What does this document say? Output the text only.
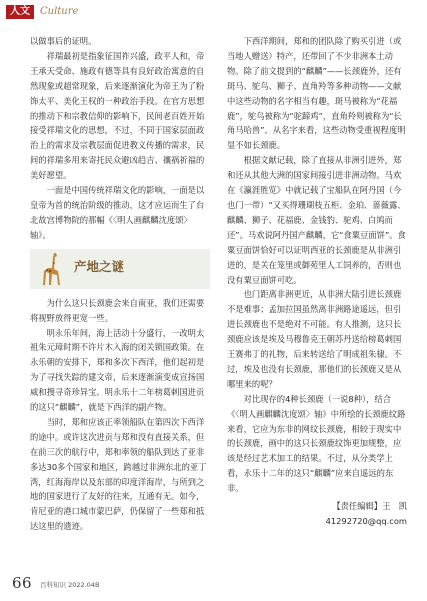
人文	Culture

以做事后的证明。

祥瑞最初是指象征国祚兴盛，政平人和，帝王承天受命、施政有德等具有良好政治寓意的自然现象或超常现象，后来逐渐演化为帝王为了粉饰太平、美化王权的一种政治手段。在官方思想的推动下和宗教信仰的影响下，民间老百姓开始接受祥瑞文化的思想，不过，不同于国家层面政治上的需求及宗教层面促进教义传播的需求，民间的祥瑞多用来寄托民众避凶趋吉、禳祸祈福的美好愿望。

一面是中国传统祥瑞文化的影响，一面是以皇帝为首的统治阶级的推动，这才应运而生了台北故宫博物院的那幅《〈明人画麒麟沈度颂〉轴》。

产地之谜

为什么这只长颈鹿会来自南亚，我们还需要将视野放得更宽一些。

明永乐年间，海上活动十分盛行，一改明太祖朱元璋时期不许片木入海的闭关锁国政策。在永乐朝的安排下，郑和多次下西洋，他们起初是为了寻找失踪的建文帝，后来逐渐演变成宣扬国威和搜寻奇珍异宝。明永乐十二年榜葛剌国进贡的这只“麒麟”，就是下西洋的副产物。

当时，郑和应该正率领船队在第四次下西洋的途中。或许这次进贡与郑和没有直接关系，但在前三次的航行中，郑和率领的船队到达了亚非多达30多个国家和地区，跨越过非洲东北的亚丁湾，红海海岸以及东部的印度洋海岸，与所到之地的国家进行了友好的往来，互通有无。如今，肯尼亚的港口城市蒙巴萨，仍保留了一些郑和抵达这里的遗迹。

下西洋期间，郑和的团队除了购买引进（或当地人赠送）特产，还带回了不少非洲本土动物。除了前文提到的“麒麟”——长颈鹿外，还有斑马、鸵鸟、狮子、直角羚等多种动物——文献中这些动物的名字相当有趣，斑马被称为“花福鹿”，鸵鸟被称为“驼蹄鸡”，直角羚则被称为“长角马哈兽”。从名字来看，这些动物受重视程度明显不如长颈鹿。

根据文献记载，除了直接从非洲引进外，郑和还从其他大洲的国家间接引进非洲动物。马欢在《瀛涯胜览》中就记载了宝船队在阿丹国（今也门一带）“又买得珊瑚枝五柜、金珀、蔷薇露、麒麟、狮子、花福鹿、金钱豹、驼鸡、白鸠而还”。马欢说阿丹国产麒麟，它“食粟豆面饼”。食粟豆面饼恰好可以证明西亚的长颈鹿是从非洲引进的，是关在笼里或御苑里人工饲养的，否则也没有粟豆面饼可吃。

也门距离非洲更近，从非洲大陆引进长颈鹿不是难事；孟加拉国虽然离非洲路途遥远，但引进长颈鹿也不是绝对不可能。有人推测，这只长颈鹿应该是埃及马穆鲁克王朝苏丹送给榜葛剌国王赛弗丁的礼物，后来转送给了明成祖朱棣。不过，埃及也没有长颈鹿，那他们的长颈鹿又是从哪里来的呢？

对比现存的4种长颈鹿（一说8种），结合《〈明人画麒麟沈度颂〉轴》中所绘的长颈鹿纹路来看，它应为东非的网纹长颈鹿，相较于现实中的长颈鹿，画中的这只长颈鹿纹饰更加规整，应该是经过艺术加工的结果。不过，从分类学上看，永乐十二年的这只“麒麟”应来自遥远的东非。

【责任编辑】王　凯
41292720@qq.com
66 百科知识 2022.04B
